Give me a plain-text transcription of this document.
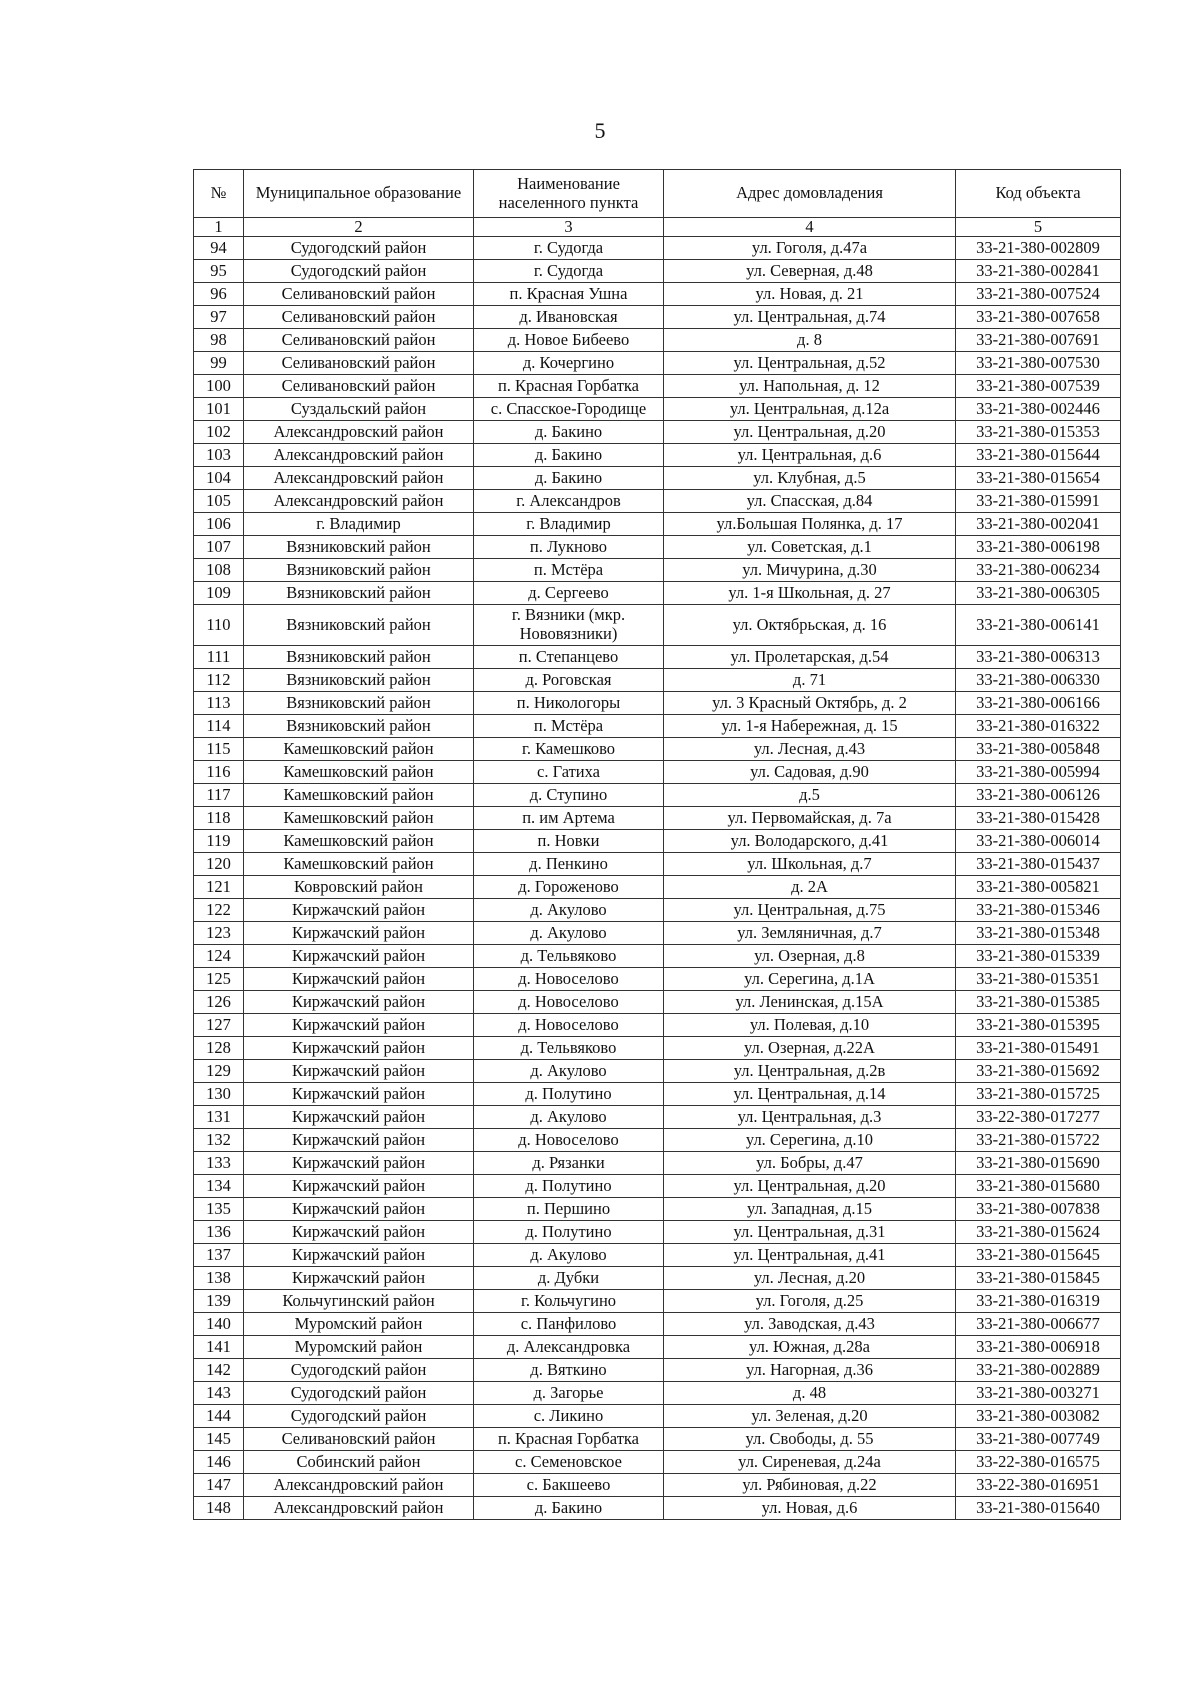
5
№	Муниципальное образование	Наименование населенного пункта	Адрес домовладения	Код объекта
1	2	3	4	5
94	Судогодский район	г. Судогда	ул. Гоголя, д.47а	33-21-380-002809
95	Судогодский район	г. Судогда	ул. Северная, д.48	33-21-380-002841
96	Селивановский район	п. Красная Ушна	ул. Новая, д. 21	33-21-380-007524
97	Селивановский район	д. Ивановская	ул. Центральная, д.74	33-21-380-007658
98	Селивановский район	д. Новое Бибеево	д. 8	33-21-380-007691
99	Селивановский район	д. Кочергино	ул. Центральная, д.52	33-21-380-007530
100	Селивановский район	п. Красная Горбатка	ул. Напольная, д. 12	33-21-380-007539
101	Суздальский район	с. Спасское-Городище	ул. Центральная, д.12а	33-21-380-002446
102	Александровский район	д. Бакино	ул. Центральная, д.20	33-21-380-015353
103	Александровский район	д. Бакино	ул. Центральная, д.6	33-21-380-015644
104	Александровский район	д. Бакино	ул. Клубная, д.5	33-21-380-015654
105	Александровский район	г. Александров	ул. Спасская, д.84	33-21-380-015991
106	г. Владимир	г. Владимир	ул.Большая Полянка, д. 17	33-21-380-002041
107	Вязниковский район	п. Лукново	ул. Советская, д.1	33-21-380-006198
108	Вязниковский район	п. Мстёра	ул. Мичурина, д.30	33-21-380-006234
109	Вязниковский район	д. Сергеево	ул. 1-я Школьная, д. 27	33-21-380-006305
110	Вязниковский район	г. Вязники (мкр. Нововязники)	ул. Октябрьская, д. 16	33-21-380-006141
111	Вязниковский район	п. Степанцево	ул. Пролетарская, д.54	33-21-380-006313
112	Вязниковский район	д. Роговская	д. 71	33-21-380-006330
113	Вязниковский район	п. Никологоры	ул. 3 Красный Октябрь, д. 2	33-21-380-006166
114	Вязниковский район	п. Мстёра	ул. 1-я Набережная, д. 15	33-21-380-016322
115	Камешковский район	г. Камешково	ул. Лесная, д.43	33-21-380-005848
116	Камешковский район	с. Гатиха	ул. Садовая, д.90	33-21-380-005994
117	Камешковский район	д. Ступино	д.5	33-21-380-006126
118	Камешковский район	п. им Артема	ул. Первомайская, д. 7а	33-21-380-015428
119	Камешковский район	п. Новки	ул. Володарского, д.41	33-21-380-006014
120	Камешковский район	д. Пенкино	ул. Школьная, д.7	33-21-380-015437
121	Ковровский район	д. Гороженово	д. 2А	33-21-380-005821
122	Киржачский район	д. Акулово	ул. Центральная, д.75	33-21-380-015346
123	Киржачский район	д. Акулово	ул. Земляничная, д.7	33-21-380-015348
124	Киржачский район	д. Тельвяково	ул. Озерная, д.8	33-21-380-015339
125	Киржачский район	д. Новоселово	ул. Серегина, д.1А	33-21-380-015351
126	Киржачский район	д. Новоселово	ул. Ленинская, д.15А	33-21-380-015385
127	Киржачский район	д. Новоселово	ул. Полевая, д.10	33-21-380-015395
128	Киржачский район	д. Тельвяково	ул. Озерная, д.22А	33-21-380-015491
129	Киржачский район	д. Акулово	ул. Центральная, д.2в	33-21-380-015692
130	Киржачский район	д. Полутино	ул. Центральная, д.14	33-21-380-015725
131	Киржачский район	д. Акулово	ул. Центральная, д.3	33-22-380-017277
132	Киржачский район	д. Новоселово	ул. Серегина, д.10	33-21-380-015722
133	Киржачский район	д. Рязанки	ул. Бобры, д.47	33-21-380-015690
134	Киржачский район	д. Полутино	ул. Центральная, д.20	33-21-380-015680
135	Киржачский район	п. Першино	ул. Западная, д.15	33-21-380-007838
136	Киржачский район	д. Полутино	ул. Центральная, д.31	33-21-380-015624
137	Киржачский район	д. Акулово	ул. Центральная, д.41	33-21-380-015645
138	Киржачский район	д. Дубки	ул. Лесная, д.20	33-21-380-015845
139	Кольчугинский район	г. Кольчугино	ул. Гоголя, д.25	33-21-380-016319
140	Муромский район	с. Панфилово	ул. Заводская, д.43	33-21-380-006677
141	Муромский район	д. Александровка	ул. Южная, д.28а	33-21-380-006918
142	Судогодский район	д. Вяткино	ул. Нагорная, д.36	33-21-380-002889
143	Судогодский район	д. Загорье	д. 48	33-21-380-003271
144	Судогодский район	с. Ликино	ул. Зеленая, д.20	33-21-380-003082
145	Селивановский район	п. Красная Горбатка	ул. Свободы, д. 55	33-21-380-007749
146	Собинский район	с. Семеновское	ул. Сиреневая, д.24а	33-22-380-016575
147	Александровский район	с. Бакшеево	ул. Рябиновая, д.22	33-22-380-016951
148	Александровский район	д. Бакино	ул. Новая, д.6	33-21-380-015640
